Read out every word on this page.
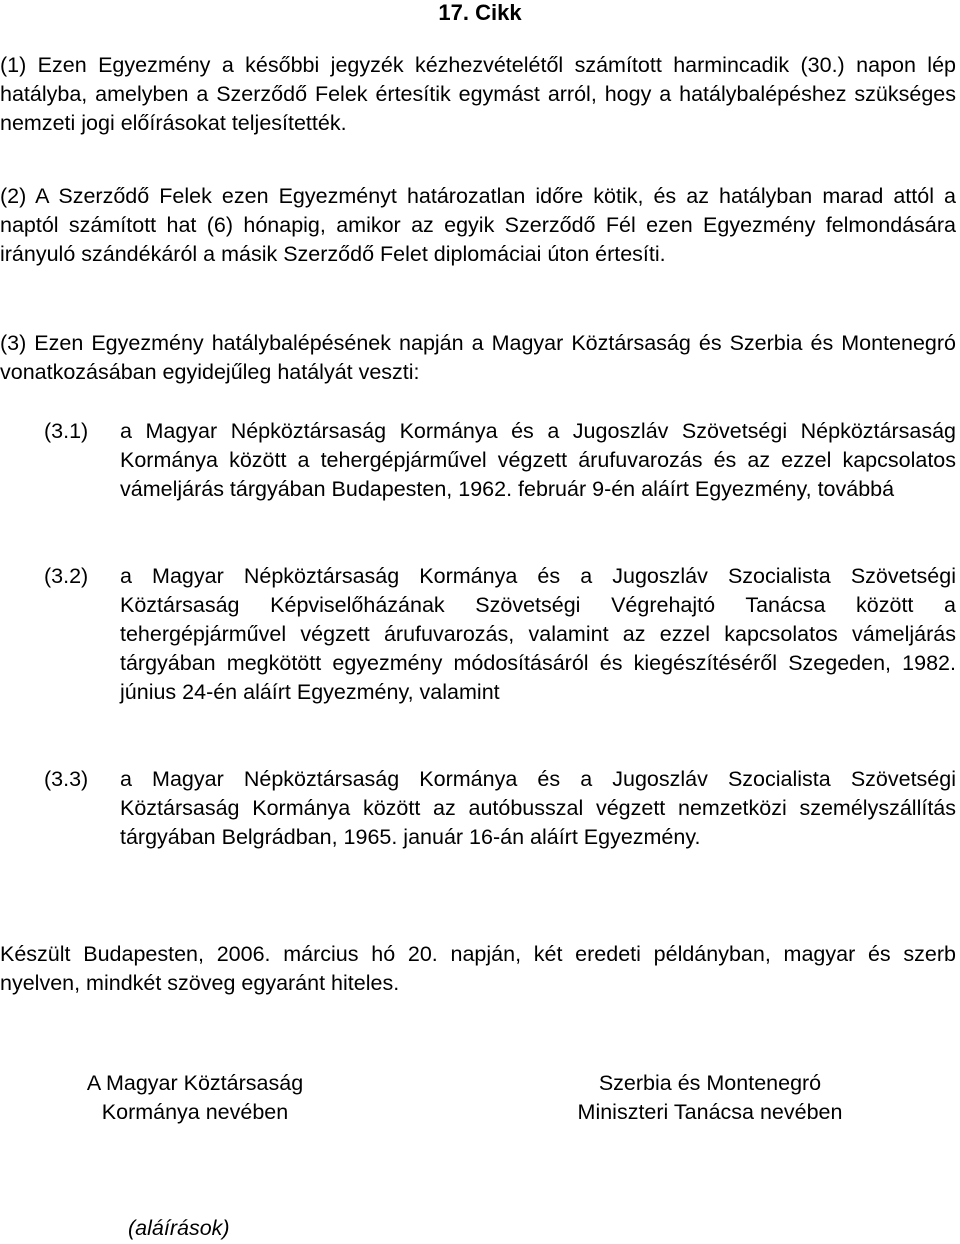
17. Cikk

(1) Ezen Egyezmény a későbbi jegyzék kézhezvételétől számított harmincadik (30.) napon lép hatályba, amelyben a Szerződő Felek értesítik egymást arról, hogy a hatálybalépéshez szükséges nemzeti jogi előírásokat teljesítették.

(2) A Szerződő Felek ezen Egyezményt határozatlan időre kötik, és az hatályban marad attól a naptól számított hat (6) hónapig, amikor az egyik Szerződő Fél ezen Egyezmény felmondására irányuló szándékáról a másik Szerződő Felet diplomáciai úton értesíti.

(3) Ezen Egyezmény hatálybalépésének napján a Magyar Köztársaság és Szerbia és Montenegró vonatkozásában egyidejűleg hatályát veszti:

(3.1) a Magyar Népköztársaság Kormánya és a Jugoszláv Szövetségi Népköztársaság Kormánya között a tehergépjárművel végzett árufuvarozás és az ezzel kapcsolatos vámeljárás tárgyában Budapesten, 1962. február 9-én aláírt Egyezmény, továbbá

(3.2) a Magyar Népköztársaság Kormánya és a Jugoszláv Szocialista Szövetségi Köztársaság Képviselőházának Szövetségi Végrehajtó Tanácsa között a tehergépjárművel végzett árufuvarozás, valamint az ezzel kapcsolatos vámeljárás tárgyában megkötött egyezmény módosításáról és kiegészítéséről Szegeden, 1982. június 24-én aláírt Egyezmény, valamint

(3.3) a Magyar Népköztársaság Kormánya és a Jugoszláv Szocialista Szövetségi Köztársaság Kormánya között az autóbusszal végzett nemzetközi személyszállítás tárgyában Belgrádban, 1965. január 16-án aláírt Egyezmény.

Készült Budapesten, 2006. március hó 20. napján, két eredeti példányban, magyar és szerb nyelven, mindkét szöveg egyaránt hiteles.

A Magyar Köztársaság
Kormánya nevében
Szerbia és Montenegró
Miniszteri Tanácsa nevében
(aláírások)
